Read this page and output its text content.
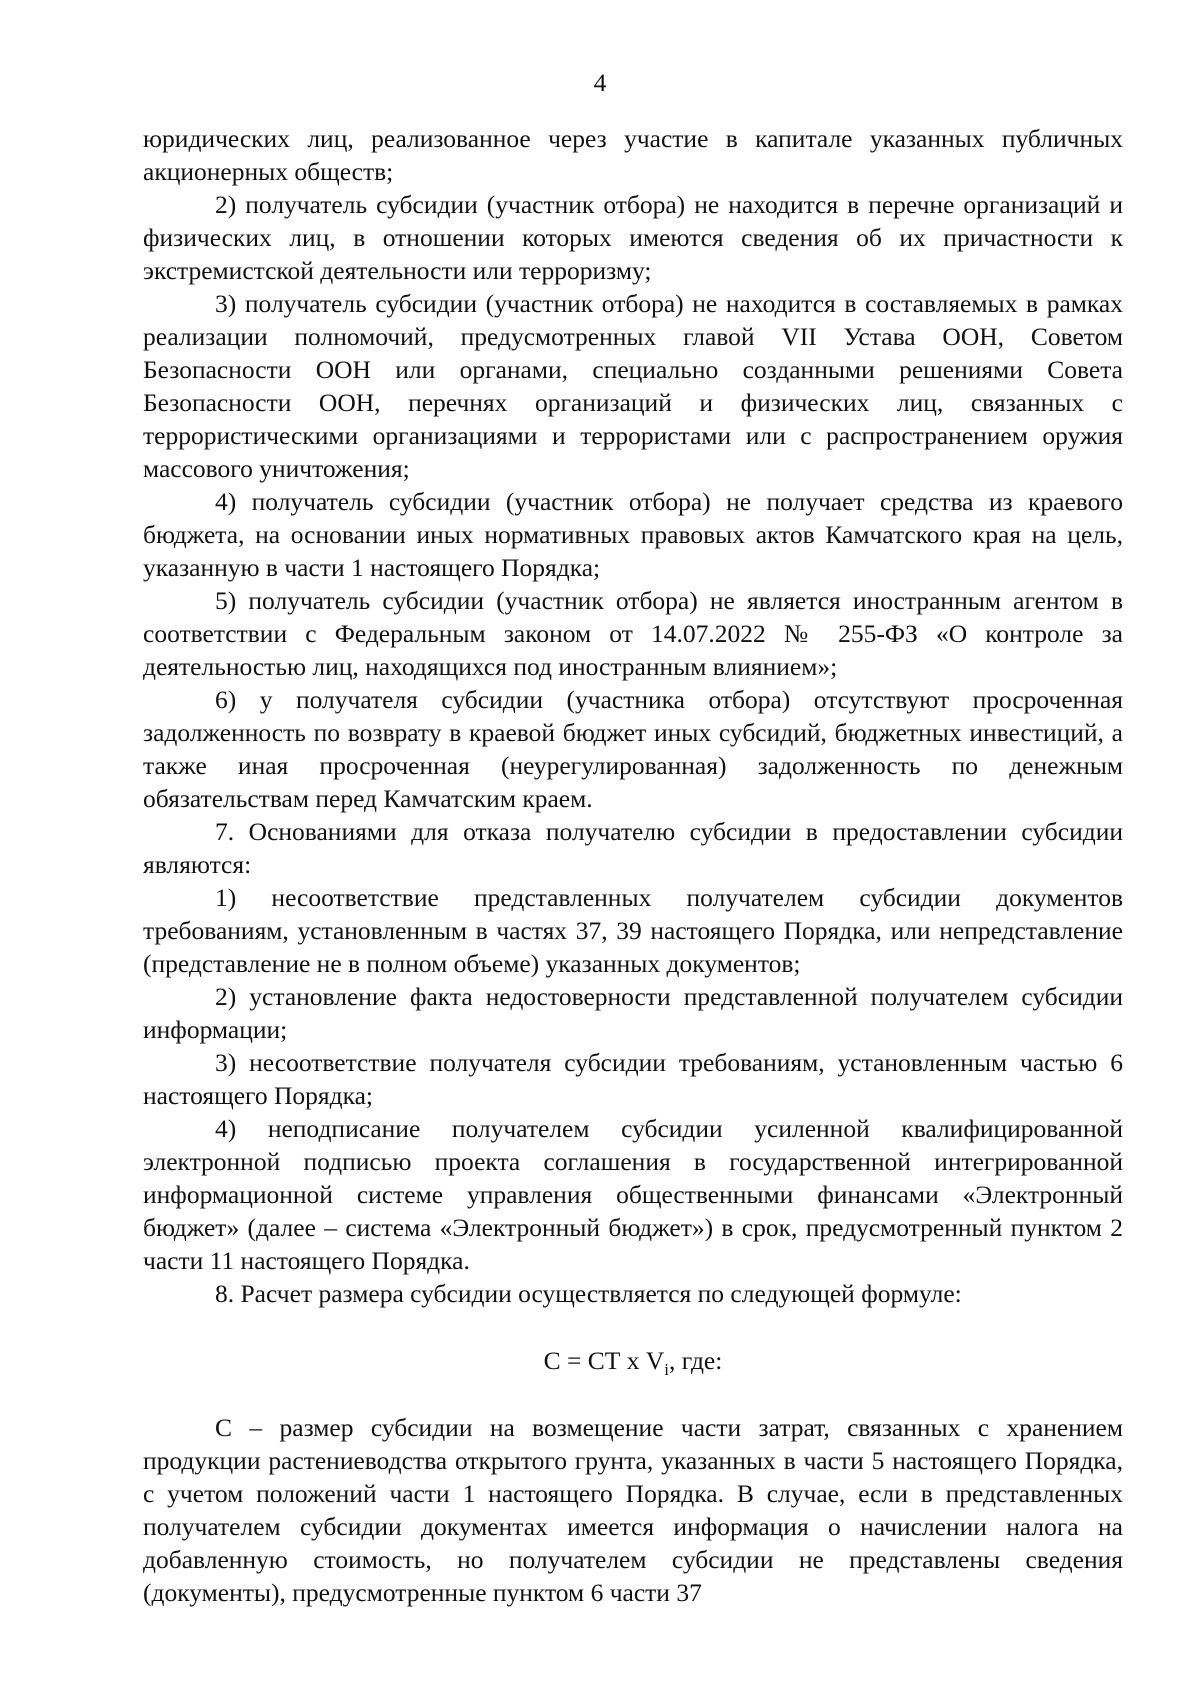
4

юридических лиц, реализованное через участие в капитале указанных публичных акционерных обществ;

2) получатель субсидии (участник отбора) не находится в перечне организаций и физических лиц, в отношении которых имеются сведения об их причастности к экстремистской деятельности или терроризму;

3) получатель субсидии (участник отбора) не находится в составляемых в рамках реализации полномочий, предусмотренных главой VII Устава ООН, Советом Безопасности ООН или органами, специально созданными решениями Совета Безопасности ООН, перечнях организаций и физических лиц, связанных с террористическими организациями и террористами или с распространением оружия массового уничтожения;

4) получатель субсидии (участник отбора) не получает средства из краевого бюджета, на основании иных нормативных правовых актов Камчатского края на цель, указанную в части 1 настоящего Порядка;

5) получатель субсидии (участник отбора) не является иностранным агентом в соответствии с Федеральным законом от 14.07.2022 № 255-ФЗ «О контроле за деятельностью лиц, находящихся под иностранным влиянием»;

6) у получателя субсидии (участника отбора) отсутствуют просроченная задолженность по возврату в краевой бюджет иных субсидий, бюджетных инвестиций, а также иная просроченная (неурегулированная) задолженность по денежным обязательствам перед Камчатским краем.

7. Основаниями для отказа получателю субсидии в предоставлении субсидии являются:

1) несоответствие представленных получателем субсидии документов требованиям, установленным в частях 37, 39 настоящего Порядка, или непредставление (представление не в полном объеме) указанных документов;

2) установление факта недостоверности представленной получателем субсидии информации;

3) несоответствие получателя субсидии требованиям, установленным частью 6 настоящего Порядка;

4) неподписание получателем субсидии усиленной квалифицированной электронной подписью проекта соглашения в государственной интегрированной информационной системе управления общественными финансами «Электронный бюджет» (далее – система «Электронный бюджет») в срок, предусмотренный пунктом 2 части 11 настоящего Порядка.

8. Расчет размера субсидии осуществляется по следующей формуле:

С = СТ х $V_i$, где:

С – размер субсидии на возмещение части затрат, связанных с хранением продукции растениеводства открытого грунта, указанных в части 5 настоящего Порядка, с учетом положений части 1 настоящего Порядка. В случае, если в представленных получателем субсидии документах имеется информация о начислении налога на добавленную стоимость, но получателем субсидии не представлены сведения (документы), предусмотренные пунктом 6 части 37
